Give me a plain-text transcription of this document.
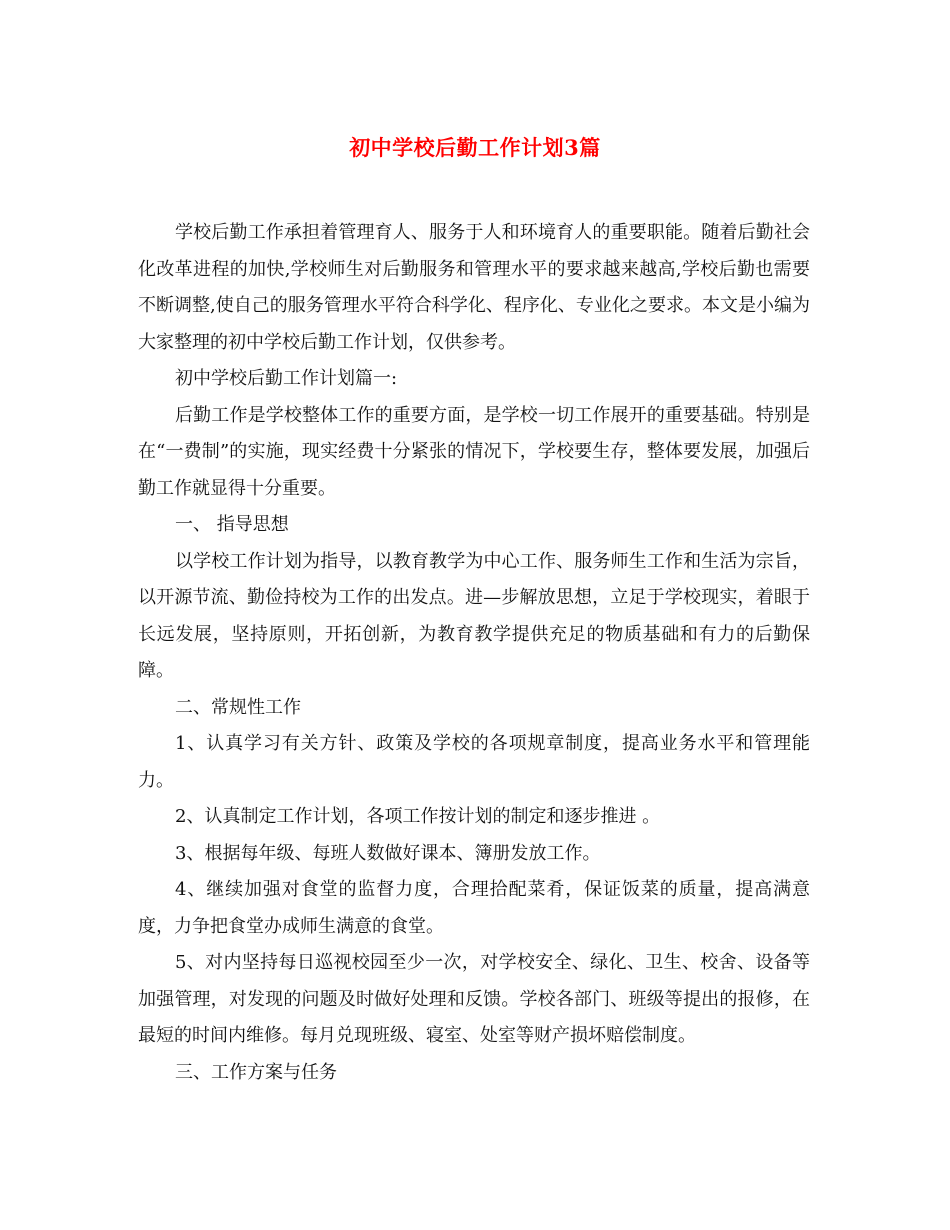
初中学校后勤工作计划3篇

学校后勤工作承担着管理育人、服务于人和环境育人的重要职能。随着后勤社会化改革进程的加快,学校师生对后勤服务和管理水平的要求越来越高,学校后勤也需要不断调整,使自己的服务管理水平符合科学化、程序化、专业化之要求。本文是小编为大家整理的初中学校后勤工作计划，仅供参考。

初中学校后勤工作计划篇一:

后勤工作是学校整体工作的重要方面，是学校一切工作展开的重要基础。特别是在“一费制”的实施，现实经费十分紧张的情况下，学校要生存，整体要发展，加强后勤工作就显得十分重要。

一、 指导思想

以学校工作计划为指导，以教育教学为中心工作、服务师生工作和生活为宗旨，以开源节流、勤俭持校为工作的出发点。进—步解放思想，立足于学校现实，着眼于长远发展，坚持原则，开拓创新，为教育教学提供充足的物质基础和有力的后勤保障。

二、常规性工作

1、认真学习有关方针、政策及学校的各项规章制度，提高业务水平和管理能力。

2、认真制定工作计划，各项工作按计划的制定和逐步推进 。

3、根据每年级、每班人数做好课本、簿册发放工作。

4、继续加强对食堂的监督力度，合理拾配菜肴，保证饭菜的质量，提高满意度，力争把食堂办成师生满意的食堂。

5、对内坚持每日巡视校园至少一次，对学校安全、绿化、卫生、校舍、设备等加强管理，对发现的问题及时做好处理和反馈。学校各部门、班级等提出的报修，在最短的时间内维修。每月兑现班级、寝室、处室等财产损坏赔偿制度。

三、工作方案与任务
